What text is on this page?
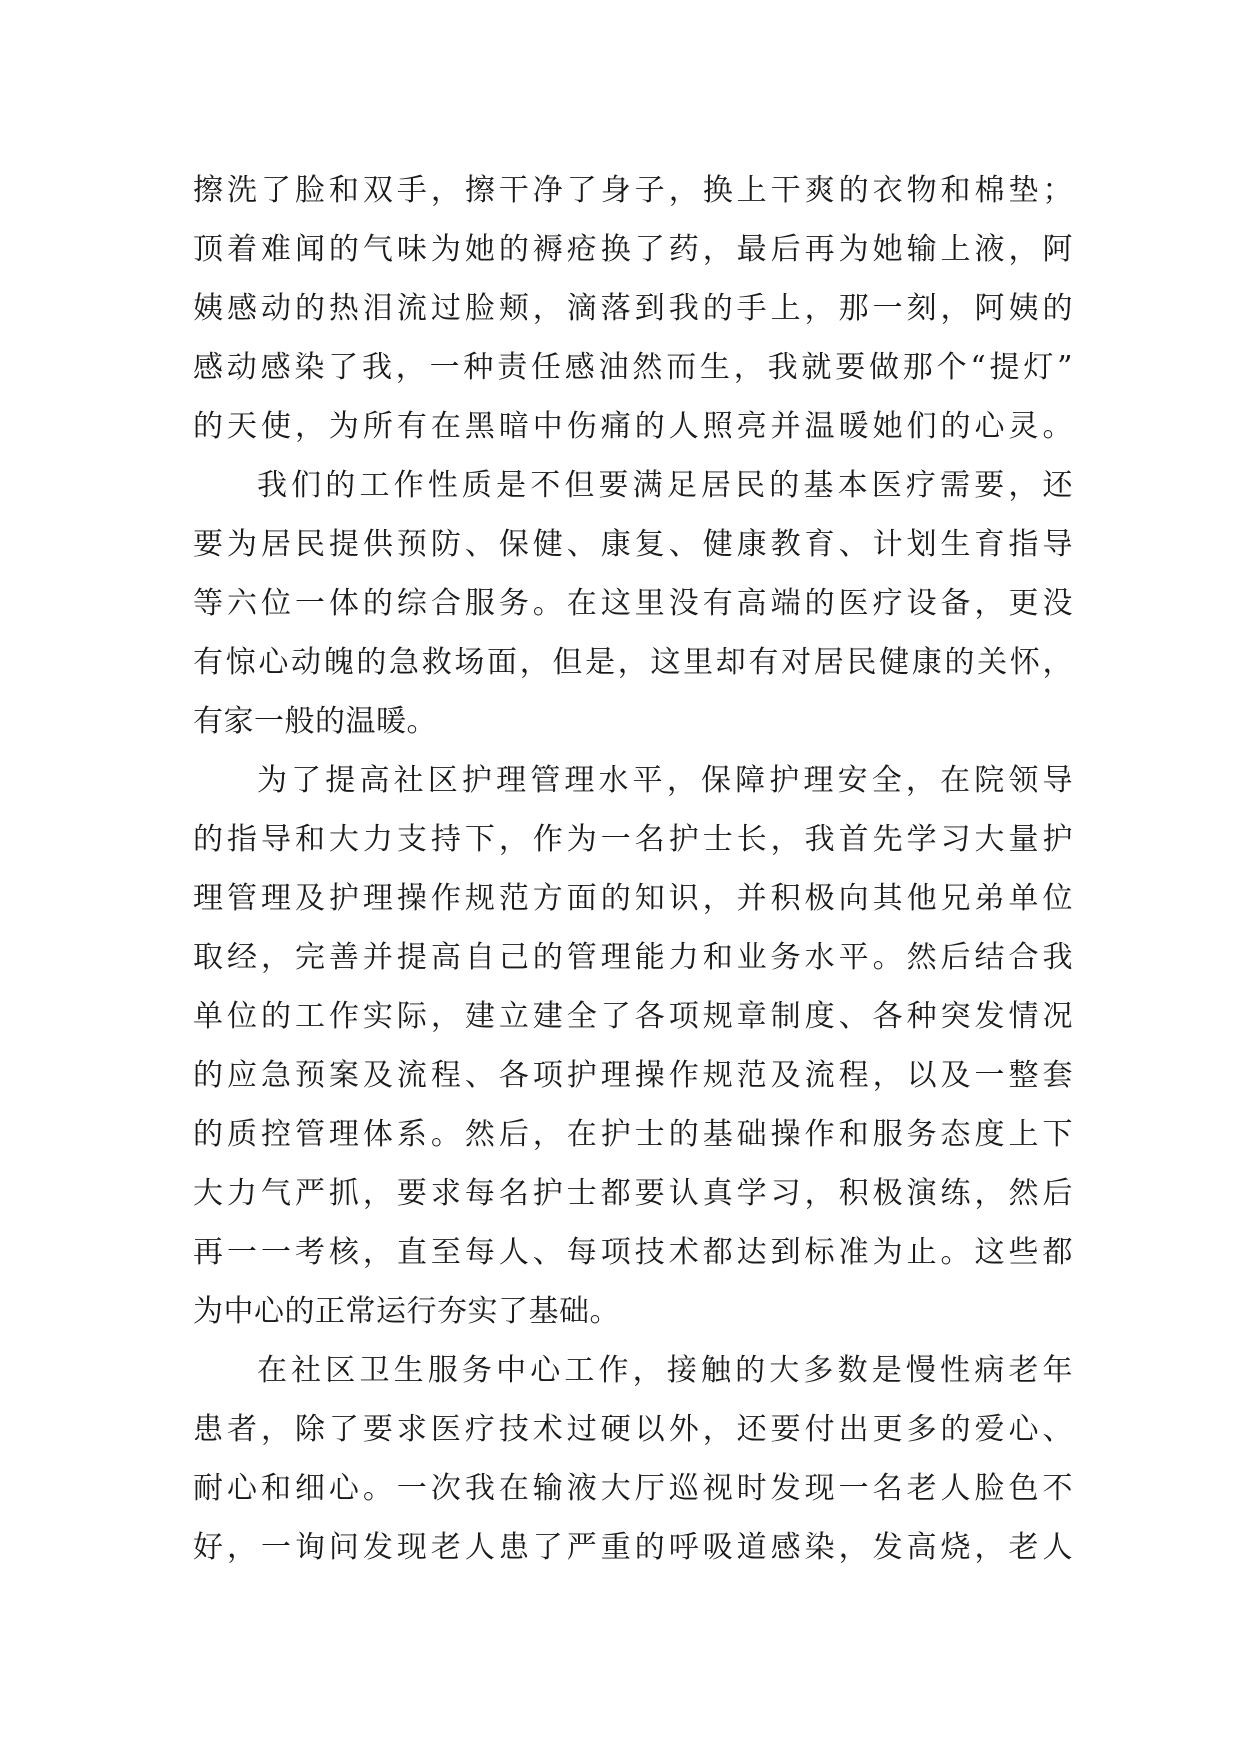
擦洗了脸和双手，擦干净了身子，换上干爽的衣物和棉垫；
顶着难闻的气味为她的褥疮换了药，最后再为她输上液，阿
姨感动的热泪流过脸颊，滴落到我的手上，那一刻，阿姨的
感动感染了我，一种责任感油然而生，我就要做那个“提灯”
的天使，为所有在黑暗中伤痛的人照亮并温暖她们的心灵。
我们的工作性质是不但要满足居民的基本医疗需要，还
要为居民提供预防、保健、康复、健康教育、计划生育指导
等六位一体的综合服务。在这里没有高端的医疗设备，更没
有惊心动魄的急救场面，但是，这里却有对居民健康的关怀，
有家一般的温暖。
为了提高社区护理管理水平，保障护理安全，在院领导
的指导和大力支持下，作为一名护士长，我首先学习大量护
理管理及护理操作规范方面的知识，并积极向其他兄弟单位
取经，完善并提高自己的管理能力和业务水平。然后结合我
单位的工作实际，建立建全了各项规章制度、各种突发情况
的应急预案及流程、各项护理操作规范及流程，以及一整套
的质控管理体系。然后，在护士的基础操作和服务态度上下
大力气严抓，要求每名护士都要认真学习，积极演练，然后
再一一考核，直至每人、每项技术都达到标准为止。这些都
为中心的正常运行夯实了基础。
在社区卫生服务中心工作，接触的大多数是慢性病老年
患者，除了要求医疗技术过硬以外，还要付出更多的爱心、
耐心和细心。一次我在输液大厅巡视时发现一名老人脸色不
好，一询问发现老人患了严重的呼吸道感染，发高烧，老人
